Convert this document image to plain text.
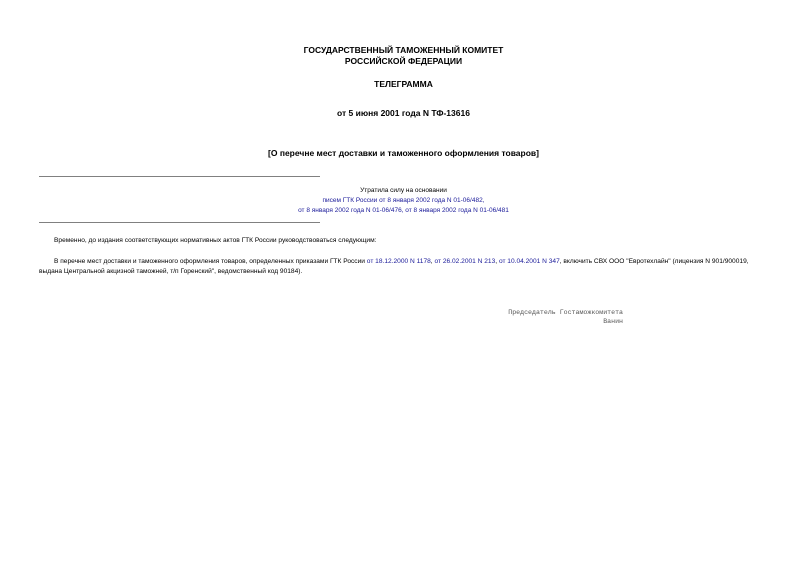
ГОСУДАРСТВЕННЫЙ ТАМОЖЕННЫЙ КОМИТЕТ
РОССИЙСКОЙ ФЕДЕРАЦИИ
ТЕЛЕГРАММА
от 5 июня 2001 года N ТФ-13616
[О перечне мест доставки и таможенного оформления товаров]
Утратила силу на основании
писем ГТК России от 8 января 2002 года N 01-06/482,
от 8 января 2002 года N 01-06/476, от 8 января 2002 года N 01-06/481
Временно, до издания соответствующих нормативных актов ГТК России руководствоваться следующим:
В перечне мест доставки и таможенного оформления товаров, определенных приказами ГТК России от 18.12.2000 N 1178, от 26.02.2001 N 213, от 10.04.2001 N 347, включить СВХ ООО "Евротехлайн" (лицензия N 901/900019, выдана Центральной акцизной таможней, т/п Горенский", ведомственный код 90184).
Председатель Гостаможкомитета
Ванин
